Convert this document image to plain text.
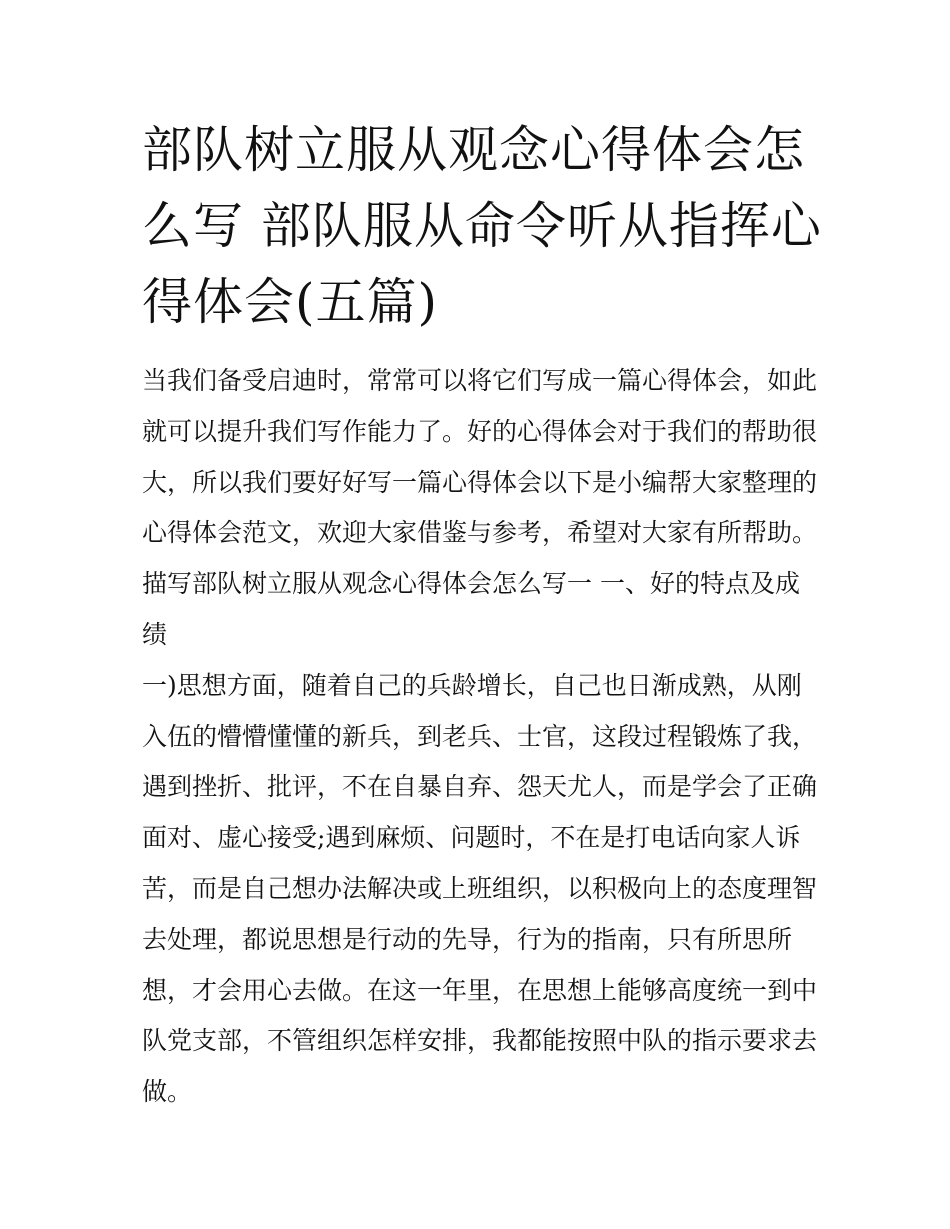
部队树立服从观念心得体会怎
么写 部队服从命令听从指挥心
得体会(五篇)
当我们备受启迪时，常常可以将它们写成一篇心得体会，如此
就可以提升我们写作能力了。好的心得体会对于我们的帮助很
大，所以我们要好好写一篇心得体会以下是小编帮大家整理的
心得体会范文，欢迎大家借鉴与参考，希望对大家有所帮助。
描写部队树立服从观念心得体会怎么写一 一、好的特点及成
绩
一)思想方面，随着自己的兵龄增长，自己也日渐成熟，从刚
入伍的懵懵懂懂的新兵，到老兵、士官，这段过程锻炼了我，
遇到挫折、批评，不在自暴自弃、怨天尤人，而是学会了正确
面对、虚心接受;遇到麻烦、问题时，不在是打电话向家人诉
苦，而是自己想办法解决或上班组织，以积极向上的态度理智
去处理，都说思想是行动的先导，行为的指南，只有所思所
想，才会用心去做。在这一年里，在思想上能够高度统一到中
队党支部，不管组织怎样安排，我都能按照中队的指示要求去
做。
